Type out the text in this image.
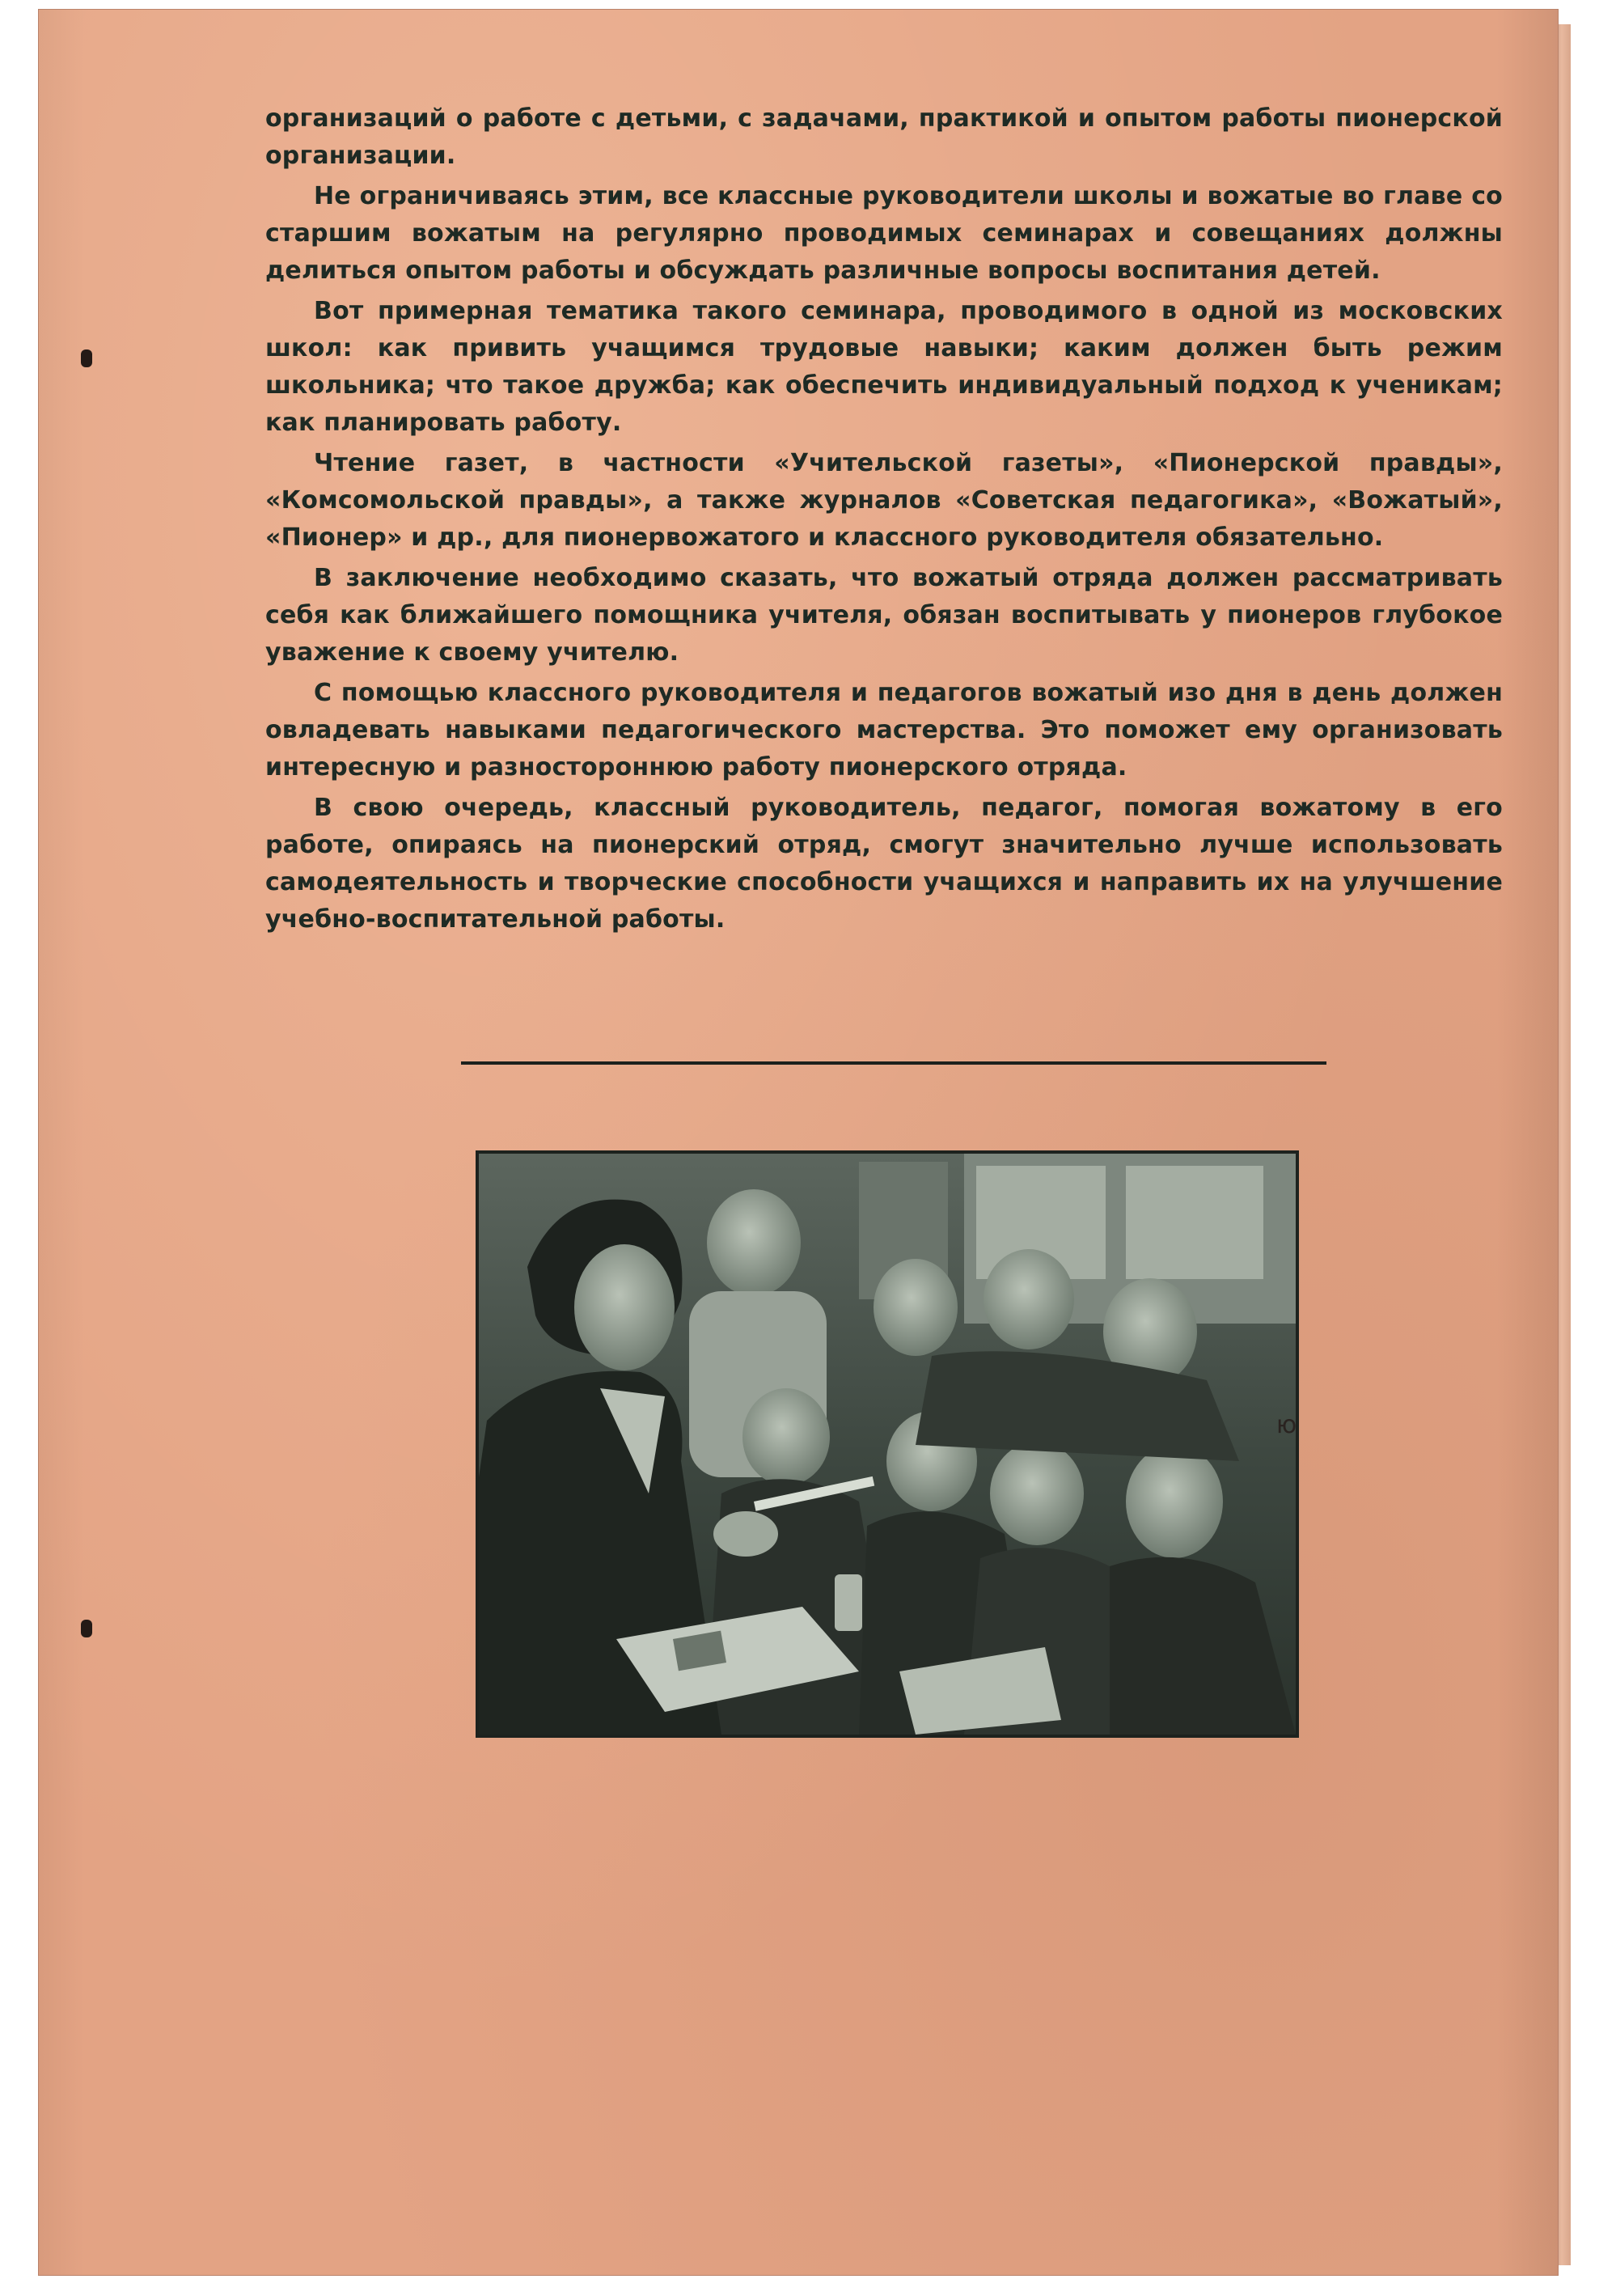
организаций о работе с детьми, с задачами, практикой и опытом работы пионерской организации.

Не ограничиваясь этим, все классные руководители школы и вожатые во главе со старшим вожатым на регулярно проводимых семинарах и совещаниях должны делиться опытом работы и обсуждать различные вопросы воспитания детей.

Вот примерная тематика такого семинара, проводимого в одной из московских школ: как привить учащимся трудовые навыки; каким должен быть режим школьника; что такое дружба; как обеспечить индивидуальный подход к ученикам; как планировать работу.

Чтение газет, в частности «Учительской газеты», «Пионерской правды», «Комсомольской правды», а также журналов «Советская педагогика», «Вожатый», «Пионер» и др., для пионервожатого и классного руководителя обязательно.

В заключение необходимо сказать, что вожатый отряда должен рассматривать себя как ближайшего помощника учителя, обязан воспитывать у пионеров глубокое уважение к своему учителю.

С помощью классного руководителя и педагогов вожатый изо дня в день должен овладевать навыками педагогического мастерства. Это поможет ему организовать интересную и разностороннюю работу пионерского отряда.

В свою очередь, классный руководитель, педагог, помогая вожатому в его работе, опираясь на пионерский отряд, смогут значительно лучше использовать самодеятельность и творческие способности учащихся и направить их на улучшение учебно-воспитательной работы.

ю
